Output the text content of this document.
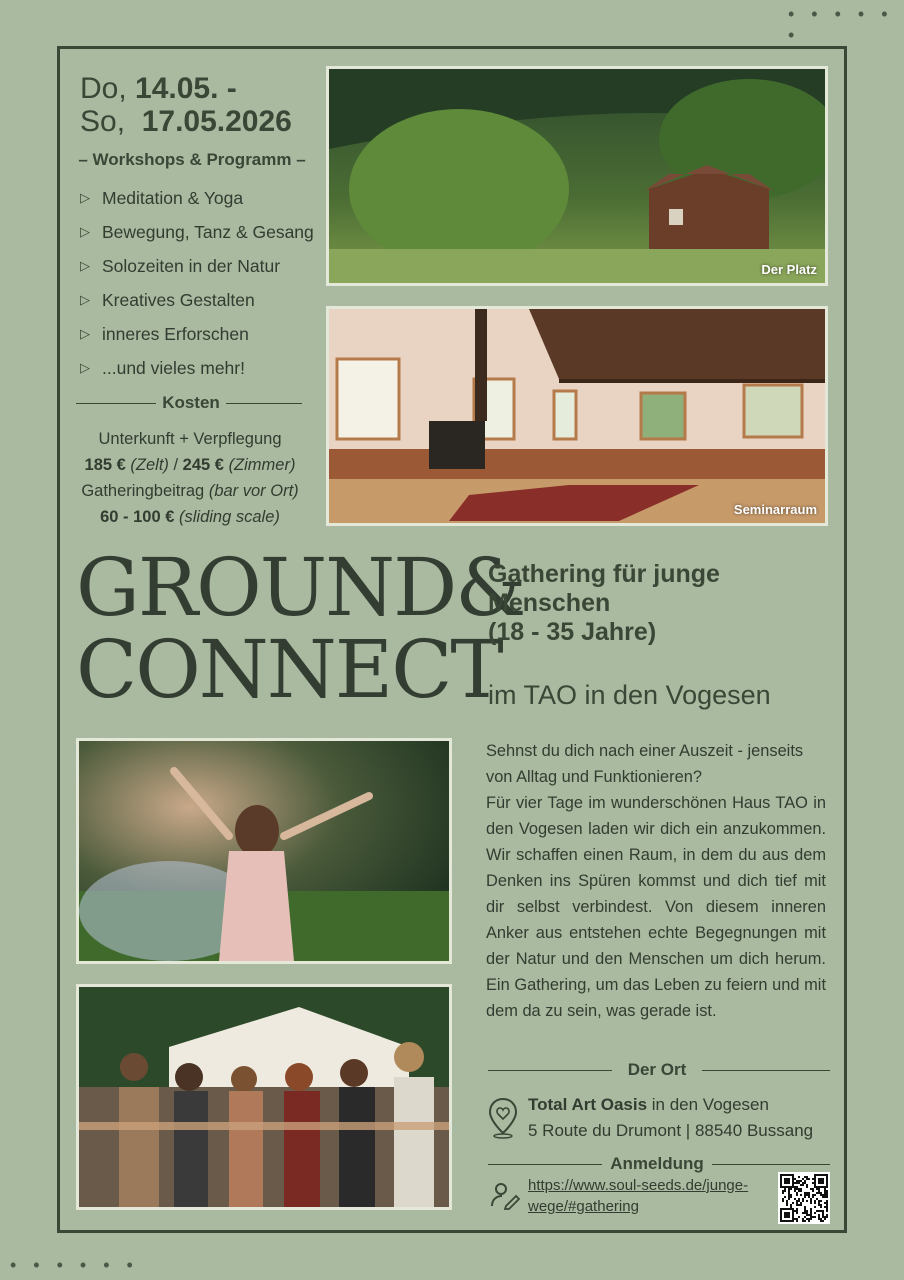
• • • • • •
• • • • • •
Do, 14.05. -
So, 17.05.2026
– Workshops & Programm –
▷ Meditation & Yoga
▷ Bewegung, Tanz & Gesang
▷ Solozeiten in der Natur
▷ Kreatives Gestalten
▷ inneres Erforschen
▷ ...und vieles mehr!
Kosten
Unterkunft + Verpflegung
185 € (Zelt) / 245 € (Zimmer)
Gatheringbeitrag (bar vor Ort)
60 - 100 € (sliding scale)
Der Platz
Seminarraum
GROUND&
CONNECT
Gathering für junge
Menschen
(18 - 35 Jahre)
im TAO in den Vogesen

Sehnst du dich nach einer Auszeit - jenseits von Alltag und Funktionieren?

Für vier Tage im wunderschönen Haus TAO in den Vogesen laden wir dich ein anzukommen. Wir schaffen einen Raum, in dem du aus dem Denken ins Spüren kommst und dich tief mit dir selbst verbindest. Von diesem inneren Anker aus entstehen echte Begegnungen mit der Natur und den Menschen um dich herum. Ein Gathering, um das Leben zu feiern und mit dem da zu sein, was gerade ist.

Der Ort
Total Art Oasis in den Vogesen
5 Route du Drumont | 88540 Bussang
Anmeldung
https://www.soul-seeds.de/junge-
wege/#gathering
